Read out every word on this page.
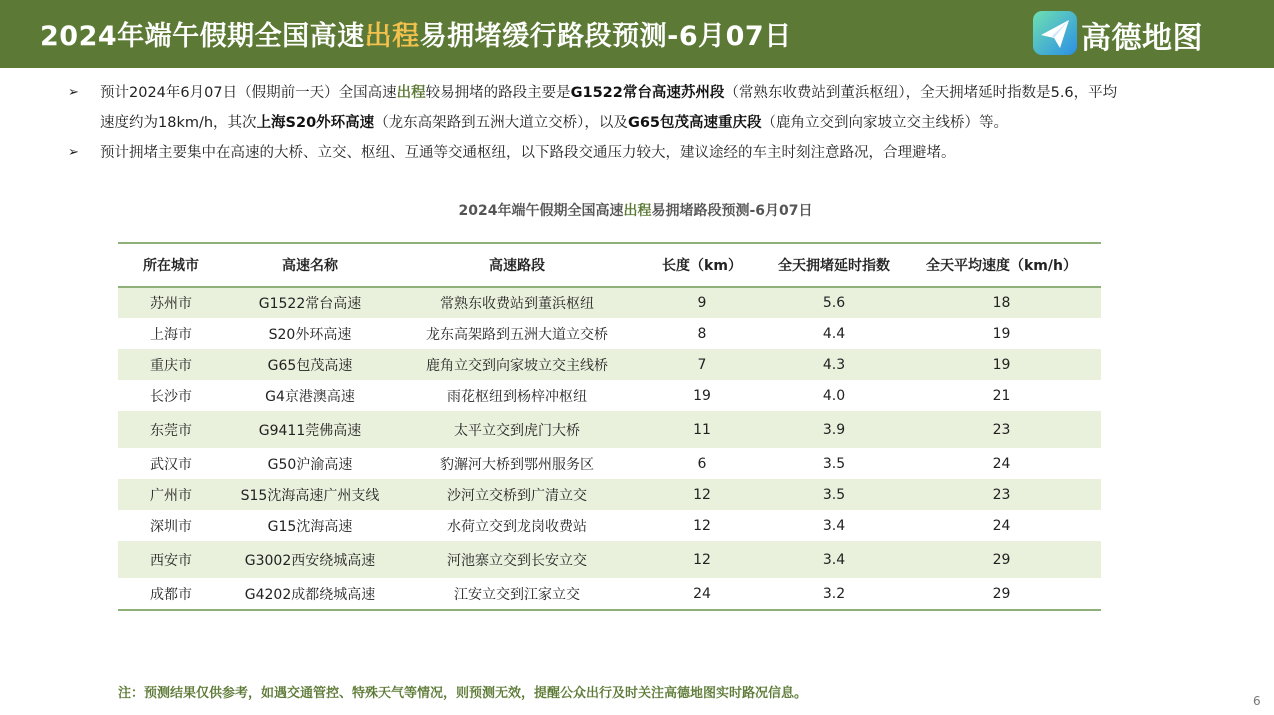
2024年端午假期全国高速出程易拥堵缓行路段预测-6月07日	高德地图
➢ 预计2024年6月07日（假期前一天）全国高速出程较易拥堵的路段主要是G1522常台高速苏州段（常熟东收费站到董浜枢纽），全天拥堵延时指数是5.6，平均
速度约为18km/h，其次上海S20外环高速（龙东高架路到五洲大道立交桥），以及G65包茂高速重庆段（鹿角立交到向家坡立交主线桥）等。
➢ 预计拥堵主要集中在高速的大桥、立交、枢纽、互通等交通枢纽，以下路段交通压力较大，建议途经的车主时刻注意路况，合理避堵。
2024年端午假期全国高速出程易拥堵路段预测-6月07日
所在城市	高速名称	高速路段	长度（km）	全天拥堵延时指数	全天平均速度（km/h）
苏州市	G1522常台高速	常熟东收费站到董浜枢纽	9	5.6	18
上海市	S20外环高速	龙东高架路到五洲大道立交桥	8	4.4	19
重庆市	G65包茂高速	鹿角立交到向家坡立交主线桥	7	4.3	19
长沙市	G4京港澳高速	雨花枢纽到杨梓冲枢纽	19	4.0	21
东莞市	G9411莞佛高速	太平立交到虎门大桥	11	3.9	23
武汉市	G50沪渝高速	豹澥河大桥到鄂州服务区	6	3.5	24
广州市	S15沈海高速广州支线	沙河立交桥到广清立交	12	3.5	23
深圳市	G15沈海高速	水荷立交到龙岗收费站	12	3.4	24
西安市	G3002西安绕城高速	河池寨立交到长安立交	12	3.4	29
成都市	G4202成都绕城高速	江安立交到江家立交	24	3.2	29
注：预测结果仅供参考，如遇交通管控、特殊天气等情况，则预测无效，提醒公众出行及时关注高德地图实时路况信息。	6
